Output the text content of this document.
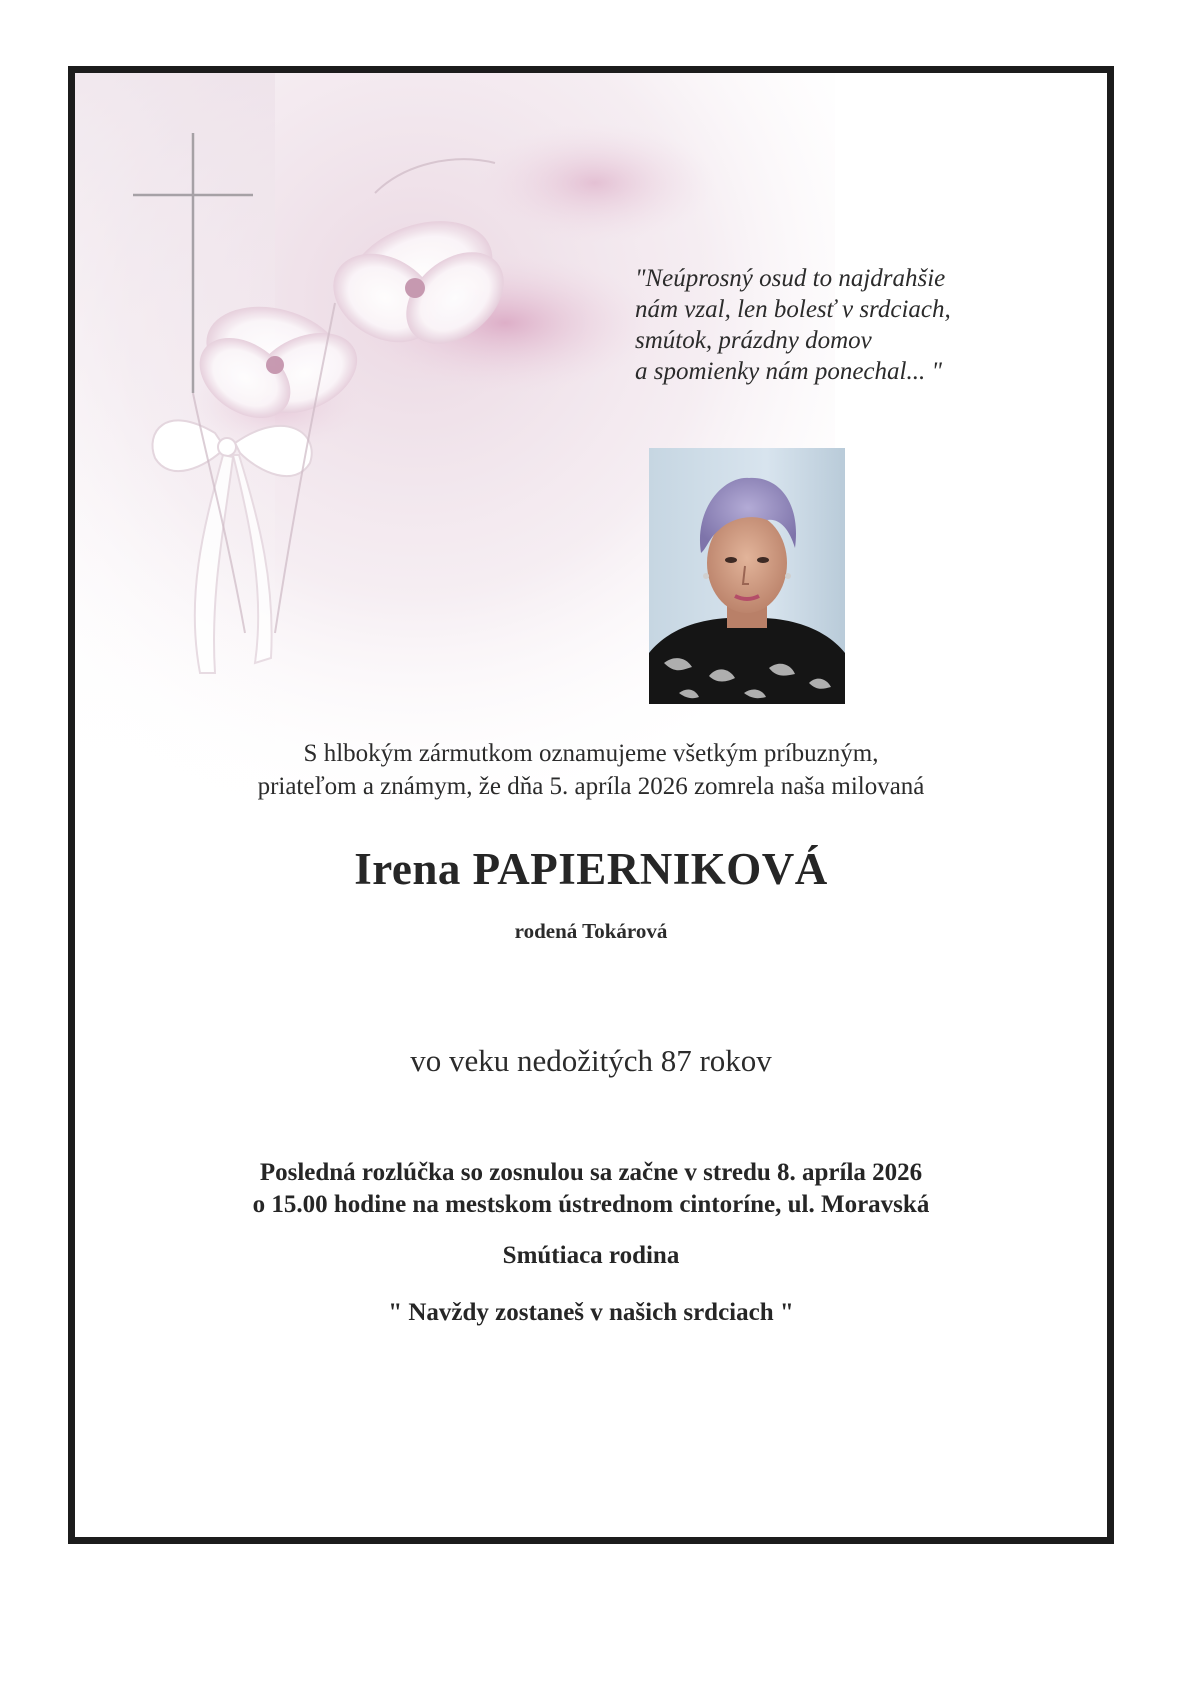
"Neúprosný osud to najdrahšie
nám vzal, len bolesť v srdciach,
smútok, prázdny domov
a spomienky nám ponechal... "
S hlbokým zármutkom oznamujeme všetkým príbuzným,
priateľom a známym, že dňa 5. apríla 2026 zomrela naša milovaná
Irena PAPIERNIKOVÁ
rodená Tokárová
vo veku nedožitých 87 rokov
Posledná rozlúčka so zosnulou sa začne v stredu 8. apríla 2026
o 15.00 hodine na mestskom ústrednom cintoríne, ul. Moravská
Smútiaca rodina
" Navždy zostaneš v našich srdciach "
